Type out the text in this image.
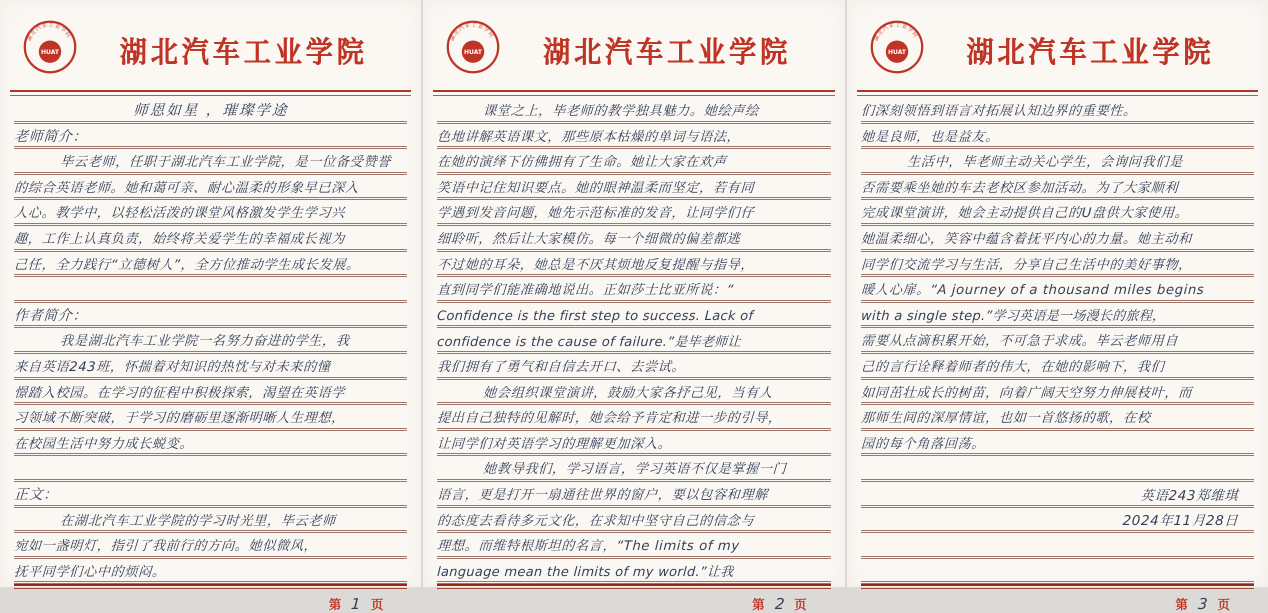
湖北汽车工业学院
HUAT	湖北汽车工业学院
师恩如星 ，璀璨学途
老师简介：
毕云老师，任职于湖北汽车工业学院，是一位备受赞誉
的综合英语老师。她和蔼可亲、耐心温柔的形象早已深入
人心。教学中，以轻松活泼的课堂风格激发学生学习兴
趣，工作上认真负责，始终将关爱学生的幸福成长视为
己任，全力践行“立德树人”，全方位推动学生成长发展。
作者简介：
我是湖北汽车工业学院一名努力奋进的学生，我
来自英语243班，怀揣着对知识的热忱与对未来的憧
憬踏入校园。在学习的征程中积极探索，渴望在英语学
习领域不断突破，于学习的磨砺里逐渐明晰人生理想，
在校园生活中努力成长蜕变。
正文：
在湖北汽车工业学院的学习时光里，毕云老师
宛如一盏明灯，指引了我前行的方向。她似微风，
抚平同学们心中的烦闷。
第 1 页
湖北汽车工业学院
HUAT	湖北汽车工业学院
课堂之上，毕老师的教学独具魅力。她绘声绘
色地讲解英语课文，那些原本枯燥的单词与语法，
在她的演绎下仿佛拥有了生命。她让大家在欢声
笑语中记住知识要点。她的眼神温柔而坚定，若有同
学遇到发音问题，她先示范标准的发音，让同学们仔
细聆听，然后让大家模仿。每一个细微的偏差都逃
不过她的耳朵，她总是不厌其烦地反复提醒与指导，
直到同学们能准确地说出。正如莎士比亚所说：“
Confidence is the first step to success. Lack of
confidence is the cause of failure.”是毕老师让
我们拥有了勇气和自信去开口、去尝试。
她会组织课堂演讲，鼓励大家各抒己见，当有人
提出自己独特的见解时，她会给予肯定和进一步的引导，
让同学们对英语学习的理解更加深入。
她教导我们，学习语言，学习英语不仅是掌握一门
语言，更是打开一扇通往世界的窗户，要以包容和理解
的态度去看待多元文化，在求知中坚守自己的信念与
理想。而维特根斯坦的名言，“The limits of my
language mean the limits of my world.”让我
第 2 页
湖北汽车工业学院
HUAT	湖北汽车工业学院
们深刻领悟到语言对拓展认知边界的重要性。
她是良师，也是益友。
生活中，毕老师主动关心学生，会询问我们是
否需要乘坐她的车去老校区参加活动。为了大家顺利
完成课堂演讲，她会主动提供自己的U盘供大家使用。
她温柔细心，笑容中蕴含着抚平内心的力量。她主动和
同学们交流学习与生活，分享自己生活中的美好事物，
暖人心扉。“A journey of a thousand miles begins
with a single step.”学习英语是一场漫长的旅程，
需要从点滴积累开始，不可急于求成。毕云老师用自
己的言行诠释着师者的伟大，在她的影响下，我们
如同茁壮成长的树苗，向着广阔天空努力伸展枝叶，而
那师生间的深厚情谊，也如一首悠扬的歌，在校
园的每个角落回荡。
英语243郑维琪
2024年11月28日
第 3 页
